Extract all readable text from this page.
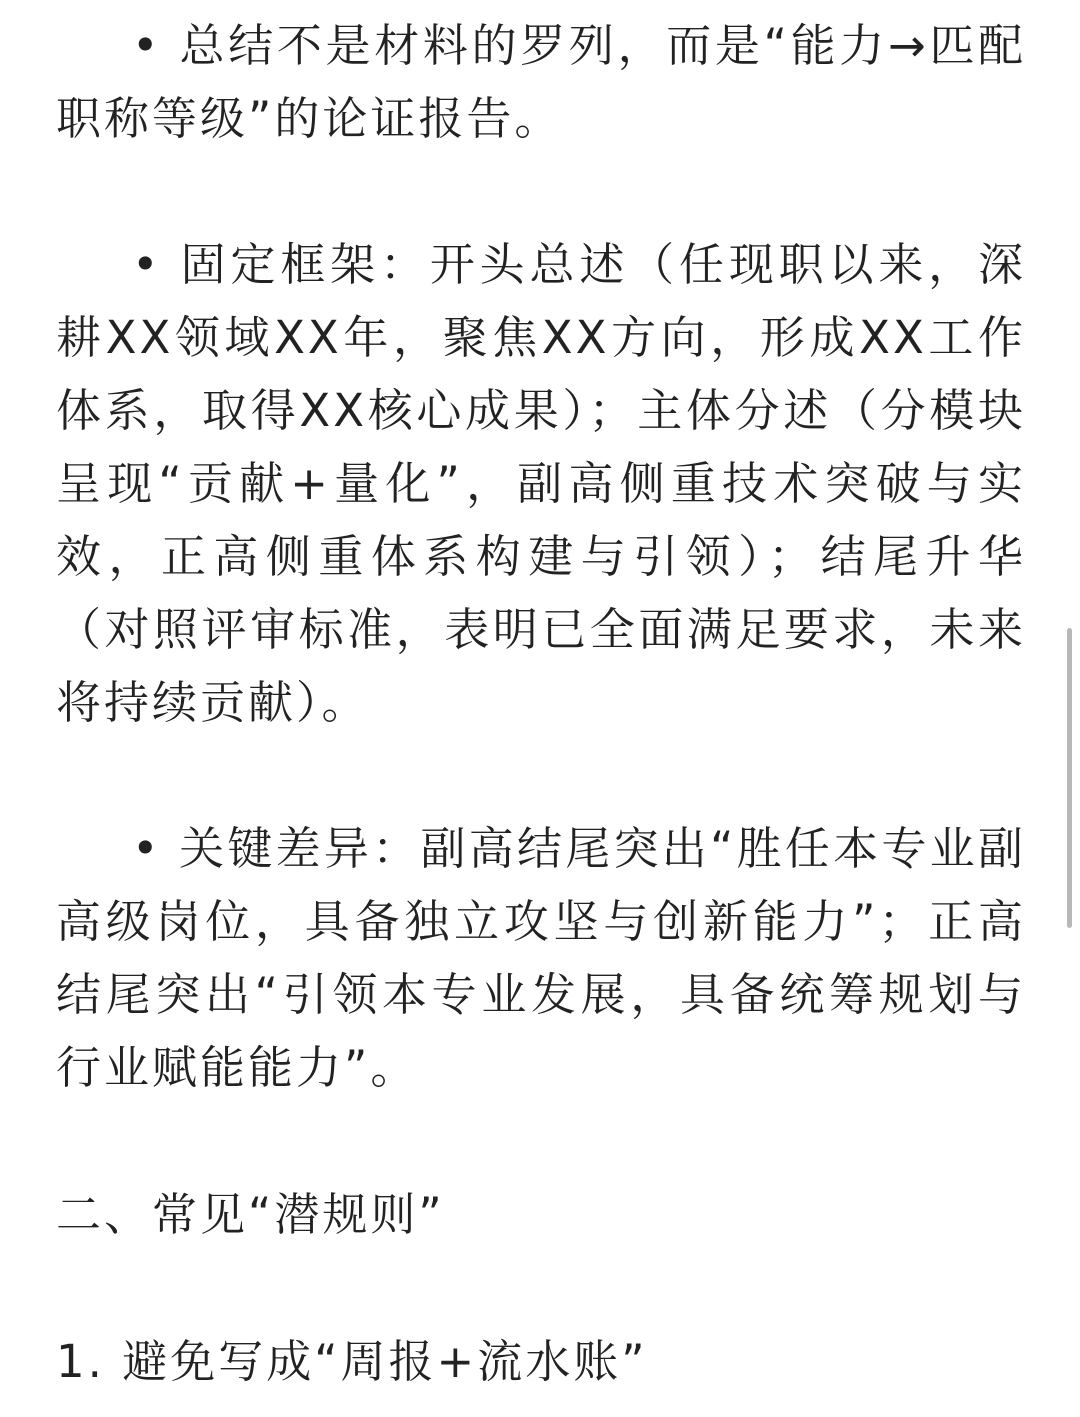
• 总结不是材料的罗列，而是“能力→匹配职称等级”的论证报告。

• 固定框架：开头总述（任现职以来，深耕XX领域XX年，聚焦XX方向，形成XX工作体系，取得XX核心成果）；主体分述（分模块呈现“贡献+量化”，副高侧重技术突破与实效，正高侧重体系构建与引领）；结尾升华（对照评审标准，表明已全面满足要求，未来将持续贡献）。

• 关键差异：副高结尾突出“胜任本专业副高级岗位，具备独立攻坚与创新能力”；正高结尾突出“引领本专业发展，具备统筹规划与行业赋能能力”。

二、常见“潜规则”

1. 避免写成“周报+流水账”
